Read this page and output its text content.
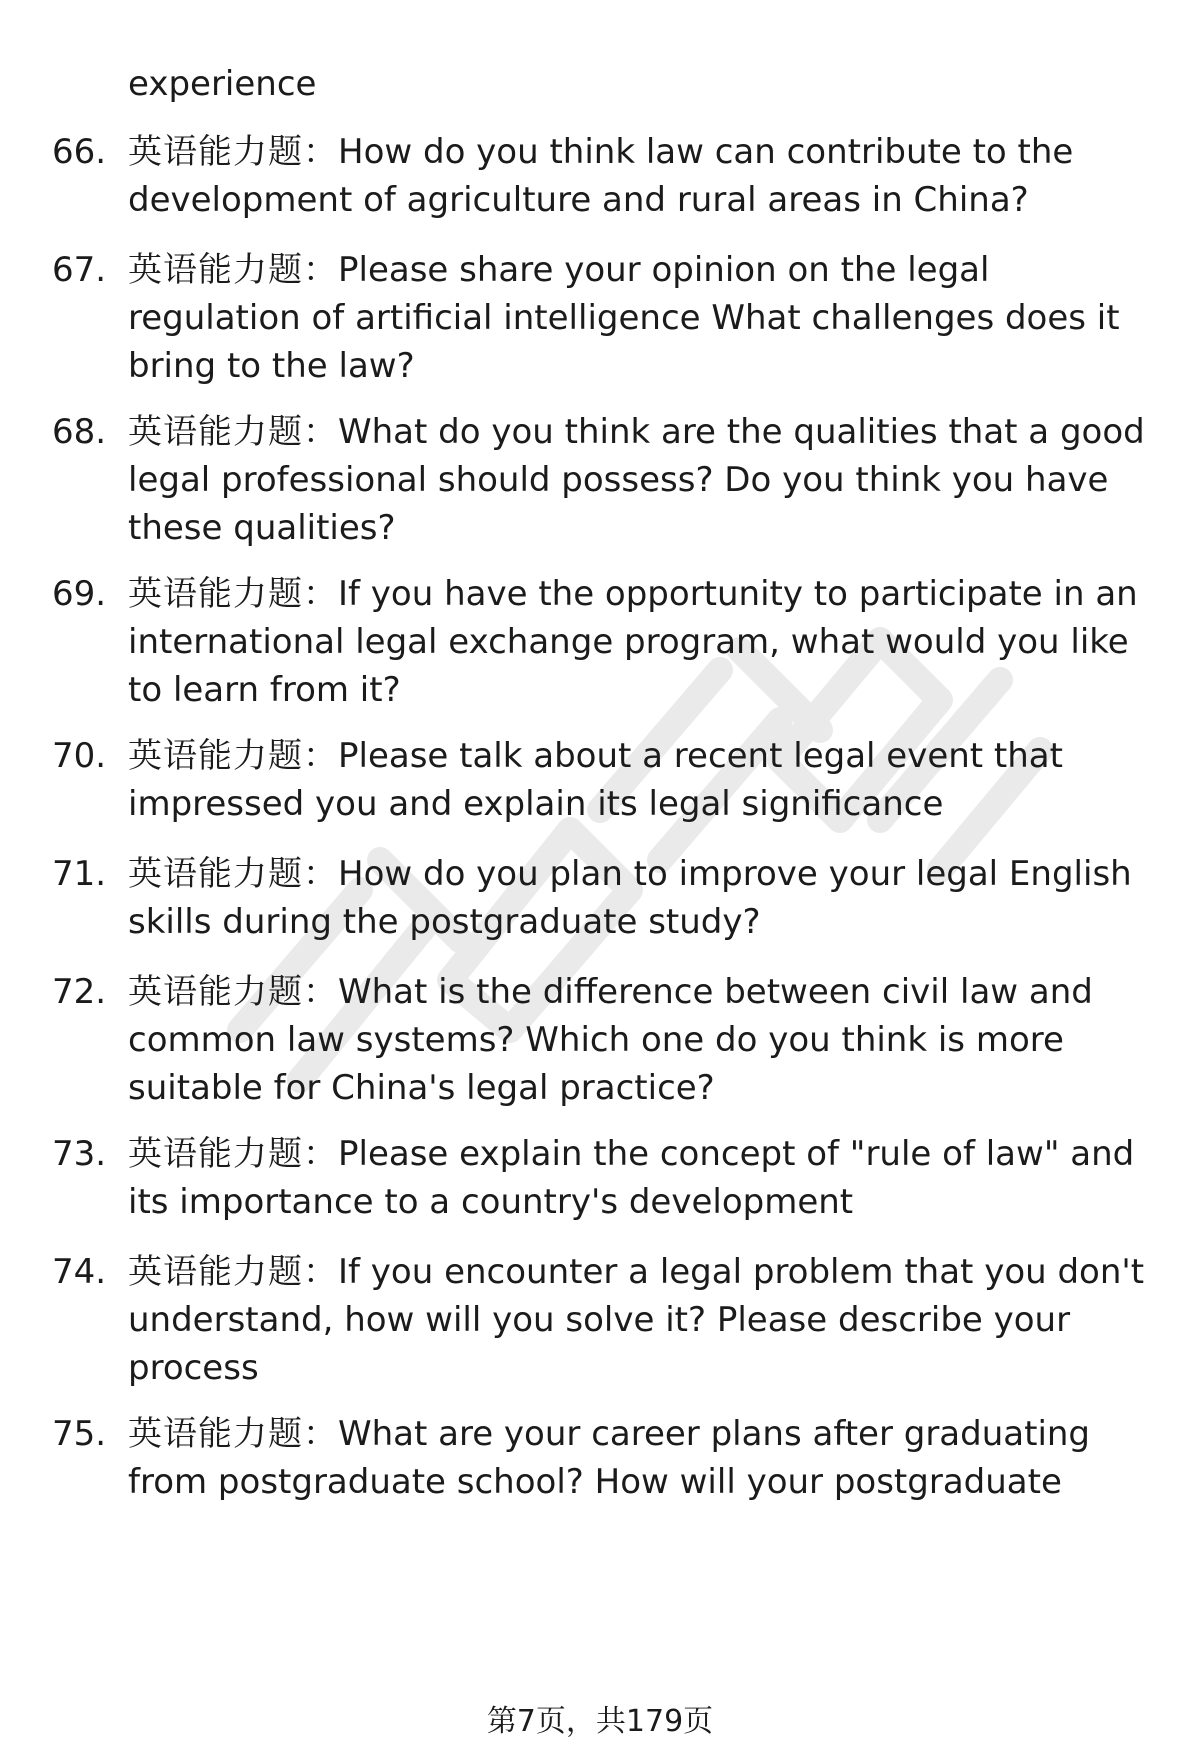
experience
66. 英语能力题：How do you think law can contribute to the development of agriculture and rural areas in China?
67. 英语能力题：Please share your opinion on the legal regulation of artificial intelligence What challenges does it bring to the law?
68. 英语能力题：What do you think are the qualities that a good legal professional should possess? Do you think you have these qualities?
69. 英语能力题：If you have the opportunity to participate in an international legal exchange program, what would you like to learn from it?
70. 英语能力题：Please talk about a recent legal event that impressed you and explain its legal significance
71. 英语能力题：How do you plan to improve your legal English skills during the postgraduate study?
72. 英语能力题：What is the difference between civil law and common law systems? Which one do you think is more suitable for China's legal practice?
73. 英语能力题：Please explain the concept of "rule of law" and its importance to a country's development
74. 英语能力题：If you encounter a legal problem that you don't understand, how will you solve it? Please describe your process
75. 英语能力题：What are your career plans after graduating from postgraduate school? How will your postgraduate
第7页，共179页
